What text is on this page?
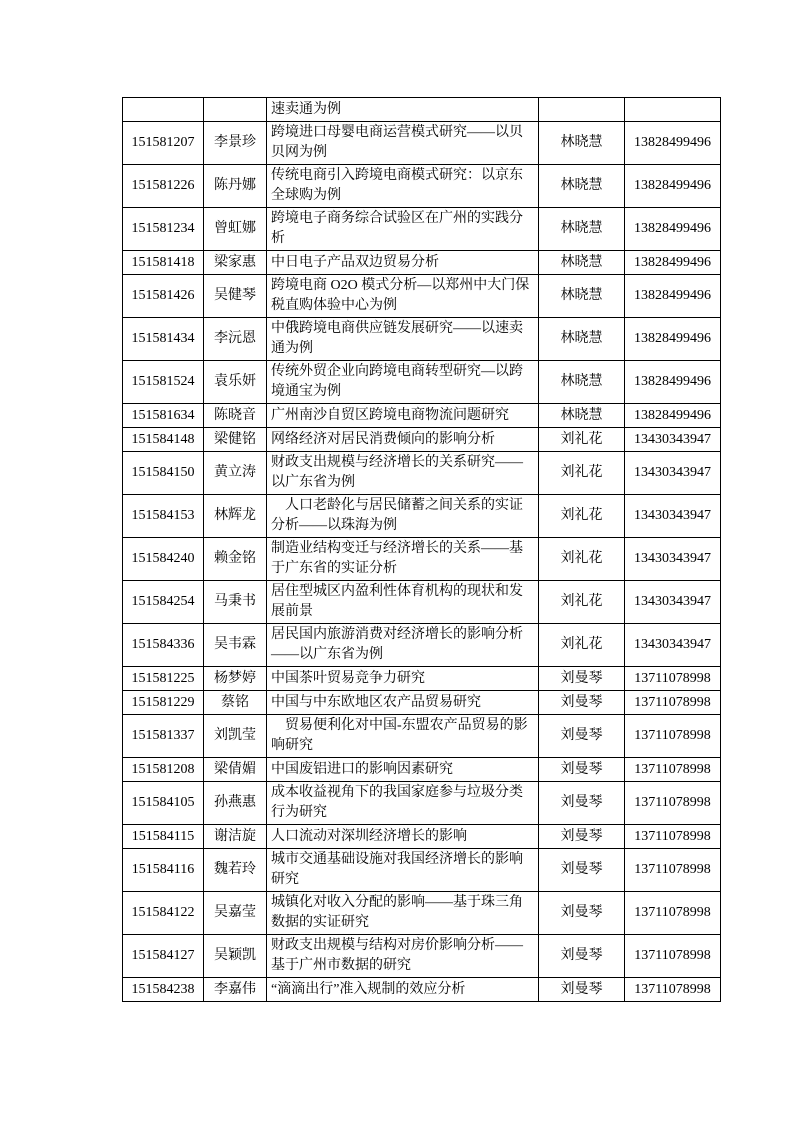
		速卖通为例		
151581207	李景珍	跨境进口母婴电商运营模式研究——以贝贝网为例	林晓慧	13828499496
151581226	陈丹娜	传统电商引入跨境电商模式研究：以京东全球购为例	林晓慧	13828499496
151581234	曾虹娜	跨境电子商务综合试验区在广州的实践分析	林晓慧	13828499496
151581418	梁家惠	中日电子产品双边贸易分析	林晓慧	13828499496
151581426	吴健琴	跨境电商 O2O 模式分析—以郑州中大门保税直购体验中心为例	林晓慧	13828499496
151581434	李沅恩	中俄跨境电商供应链发展研究——以速卖通为例	林晓慧	13828499496
151581524	袁乐妍	传统外贸企业向跨境电商转型研究—以跨境通宝为例	林晓慧	13828499496
151581634	陈晓音	广州南沙自贸区跨境电商物流问题研究	林晓慧	13828499496
151584148	梁健铭	网络经济对居民消费倾向的影响分析	刘礼花	13430343947
151584150	黄立涛	财政支出规模与经济增长的关系研究——以广东省为例	刘礼花	13430343947
151584153	林辉龙	　人口老龄化与居民储蓄之间关系的实证分析——以珠海为例	刘礼花	13430343947
151584240	赖金铭	制造业结构变迁与经济增长的关系——基于广东省的实证分析	刘礼花	13430343947
151584254	马秉书	居住型城区内盈利性体育机构的现状和发展前景	刘礼花	13430343947
151584336	吴韦霖	居民国内旅游消费对经济增长的影响分析——以广东省为例	刘礼花	13430343947
151581225	杨梦婷	中国茶叶贸易竞争力研究	刘曼琴	13711078998
151581229	蔡铭	中国与中东欧地区农产品贸易研究	刘曼琴	13711078998
151581337	刘凯莹	　贸易便利化对中国-东盟农产品贸易的影响研究	刘曼琴	13711078998
151581208	梁倩媚	中国废铝进口的影响因素研究	刘曼琴	13711078998
151584105	孙燕惠	成本收益视角下的我国家庭参与垃圾分类行为研究	刘曼琴	13711078998
151584115	谢洁旋	人口流动对深圳经济增长的影响	刘曼琴	13711078998
151584116	魏若玲	城市交通基础设施对我国经济增长的影响研究	刘曼琴	13711078998
151584122	吴嘉莹	城镇化对收入分配的影响——基于珠三角数据的实证研究	刘曼琴	13711078998
151584127	吴颖凯	财政支出规模与结构对房价影响分析——基于广州市数据的研究	刘曼琴	13711078998
151584238	李嘉伟	“滴滴出行”准入规制的效应分析	刘曼琴	13711078998
